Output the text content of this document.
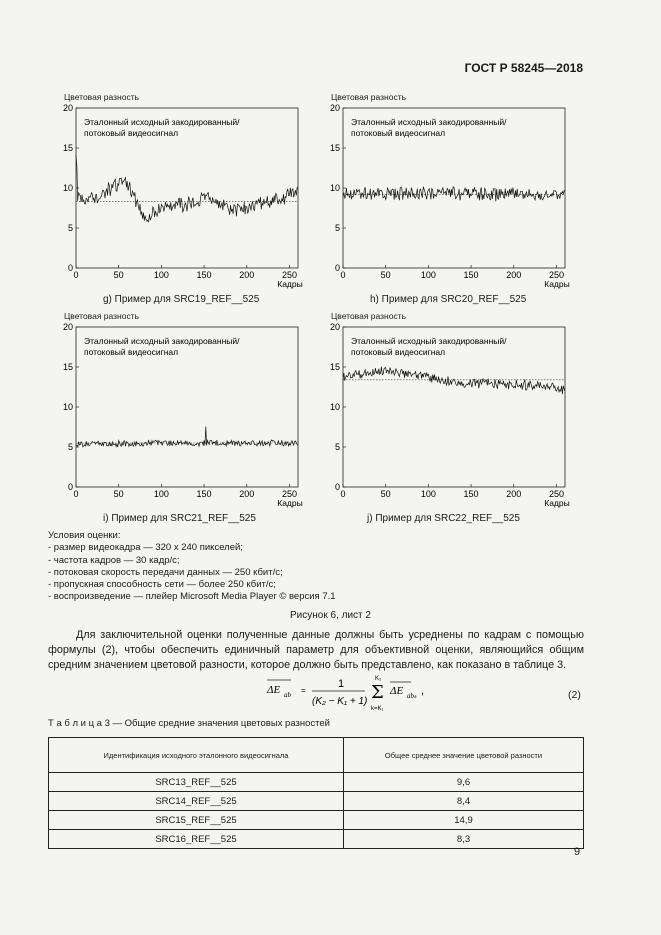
ГОСТ Р 58245—2018
Цветовая разность
0
5
10
15
20
0	50	100	150	200	250
Кадры
Эталонный исходный закодированный/
потоковый видеосигнал
Цветовая разность
0
5
10
15
20
0	50	100	150	200	250
Кадры
Эталонный исходный закодированный/
потоковый видеосигнал
Цветовая разность
0
5
10
15
20
0	50	100	150	200	250
Кадры
Эталонный исходный закодированный/
потоковый видеосигнал
Цветовая разность
0
5
10
15
20
0	50	100	150	200	250
Кадры
Эталонный исходный закодированный/
потоковый видеосигнал
g) Пример для SRC19_REF__525	h) Пример для SRC20_REF__525
i) Пример для SRC21_REF__525	j) Пример для SRC22_REF__525
Условия оценки:
- размер видеокадра — 320 х 240 пикселей;
- частота кадров — 30 кадр/с;
- потоковая скорость передачи данных — 250 кбит/с;
- пропускная способность сети — более 250 кбит/с;
- воспроизведение — плейер Microsoft Media Player © версия 7.1
Рисунок 6, лист 2

Для заключительной оценки полученные данные должны быть усреднены по кадрам с помощью формулы (2), чтобы обеспечить единичный параметр для объективной оценки, являющийся общим средним значением цветовой разности, которое должно быть представлено, как показано в таблице 3.

ΔE ab =
1
(K₂ − K₁ + 1)
K₂
Σ
k=K₁
ΔE abₖ ,	(2)
Т а б л и ц а 3 — Общие средние значения цветовых разностей
Идентификация исходного эталонного видеосигнала	Общее среднее значение цветовой разности
SRC13_REF__525	9,6
SRC14_REF__525	8,4
SRC15_REF__525	14,9
SRC16_REF__525	8,3
9
